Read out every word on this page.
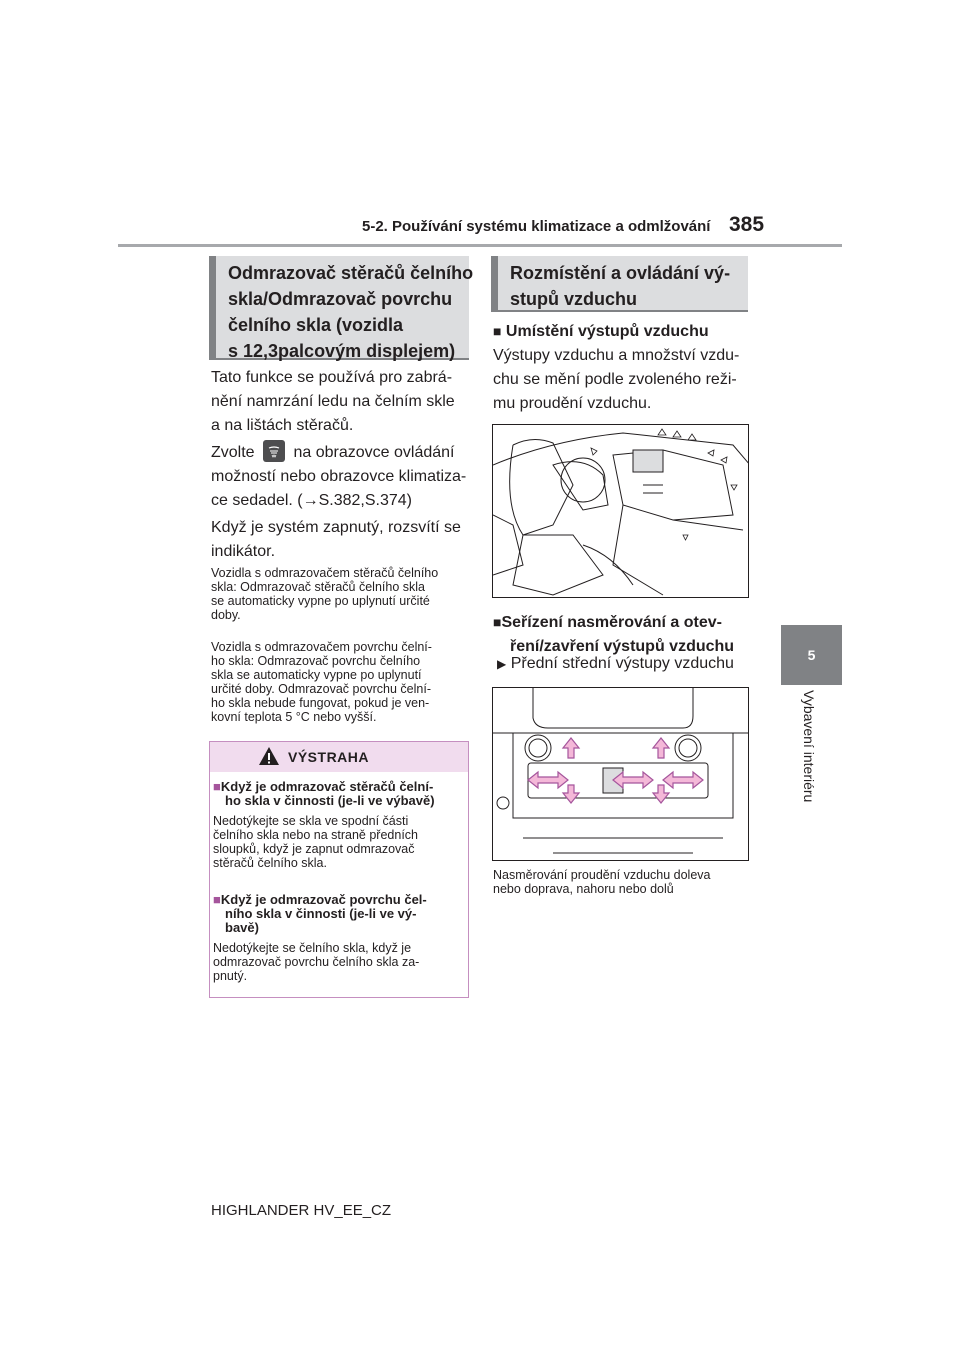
5-2. Používání systému klimatizace a odmlžování 385
5
Vybavení interiéru
Odmrazovač stěračů čelního
skla/Odmrazovač povrchu
čelního skla (vozidla
s 12,3palcovým displejem)
Tato funkce se používá pro zabrá-
nění namrzání ledu na čelním skle
a na lištách stěračů.
Zvolte na obrazovce ovládání
možností nebo obrazovce klimatiza-
ce sedadel. (→S.382,S.374)
Když je systém zapnutý, rozsvítí se
indikátor.
Vozidla s odmrazovačem stěračů čelního
skla: Odmrazovač stěračů čelního skla
se automaticky vypne po uplynutí určité
doby.
Vozidla s odmrazovačem povrchu čelní-
ho skla: Odmrazovač povrchu čelního
skla se automaticky vypne po uplynutí
určité doby. Odmrazovač povrchu čelní-
ho skla nebude fungovat, pokud je ven-
kovní teplota 5 °C nebo vyšší.
VÝSTRAHA
■Když je odmrazovač stěračů čelní-
ho skla v činnosti (je-li ve výbavě)
Nedotýkejte se skla ve spodní části
čelního skla nebo na straně předních
sloupků, když je zapnut odmrazovač
stěračů čelního skla.
■Když je odmrazovač povrchu čel-
ního skla v činnosti (je-li ve vý-
bavě)
Nedotýkejte se čelního skla, když je
odmrazovač povrchu čelního skla za-
pnutý.
Rozmístění a ovládání vý-
stupů vzduchu
■ Umístění výstupů vzduchu
Výstupy vzduchu a množství vzdu-
chu se mění podle zvoleného reži-
mu proudění vzduchu.
■Seřízení nasměrování a otev-
ření/zavření výstupů vzduchu
▶ Přední střední výstupy vzduchu
Nasměrování proudění vzduchu doleva
nebo doprava, nahoru nebo dolů
HIGHLANDER HV_EE_CZ
